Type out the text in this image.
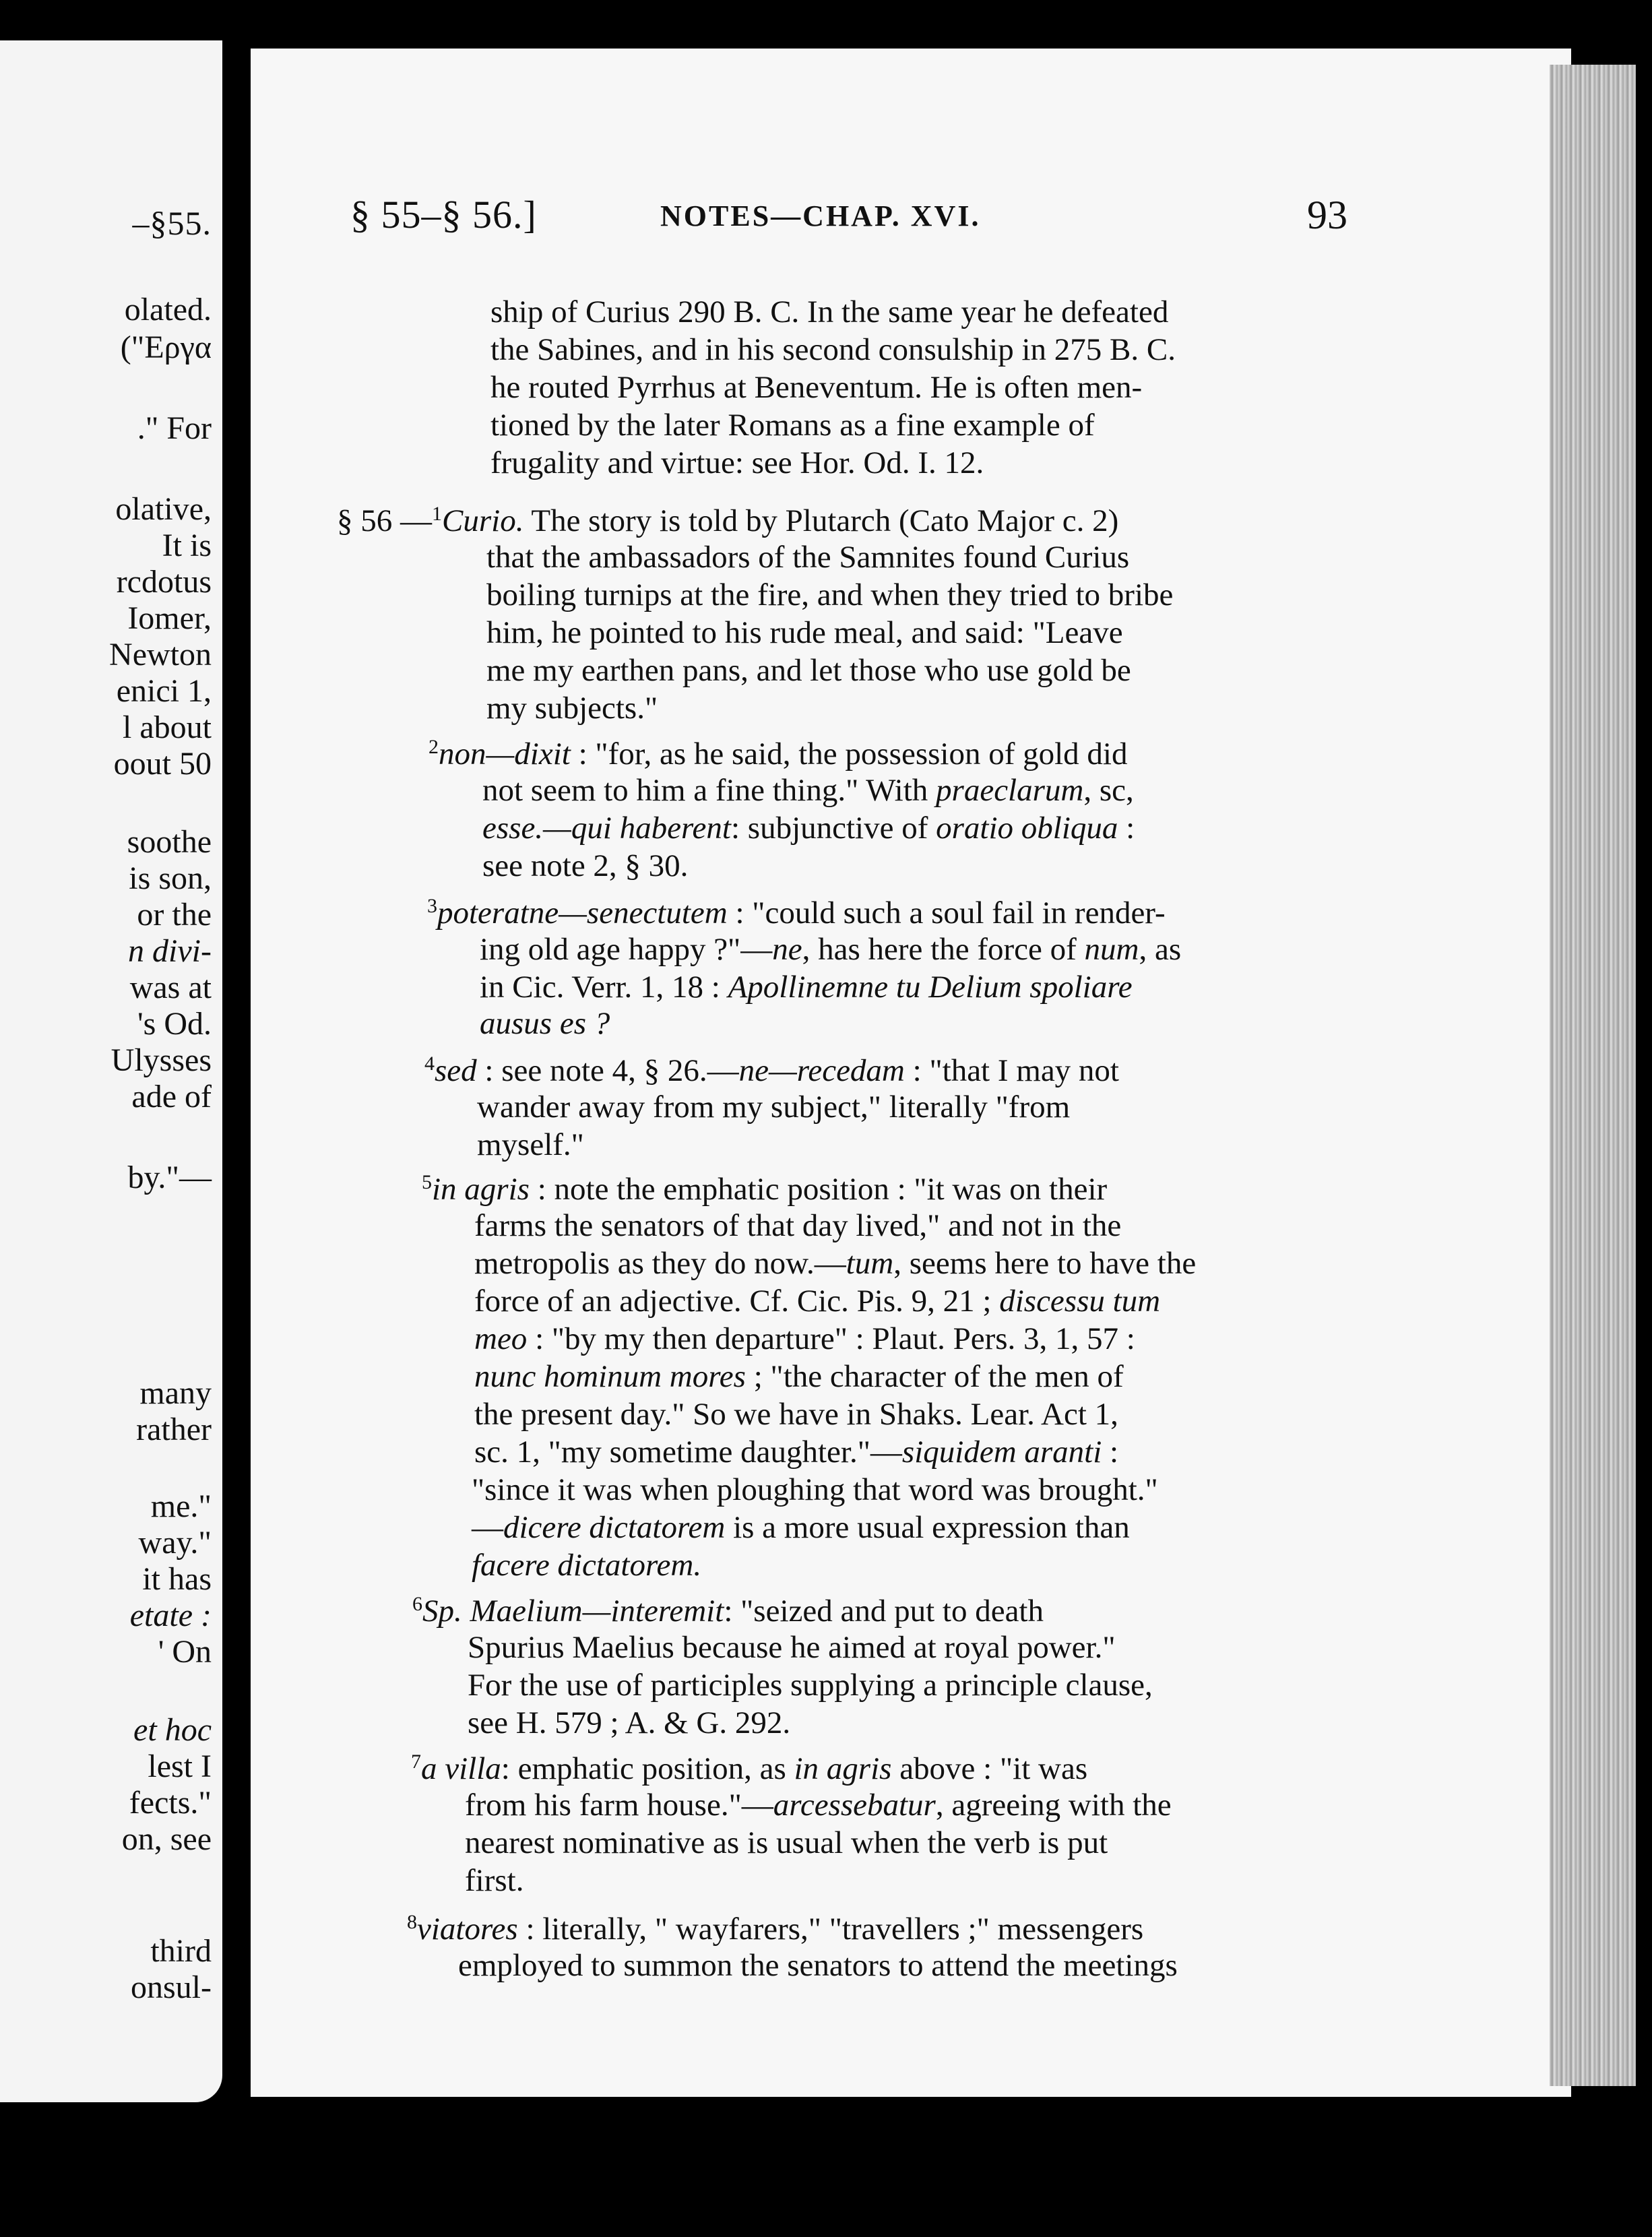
–§55.
olated.
("Εργα
." For
olative,
It is
rcdotus
Iomer,
Newton
enici 1,
l about
oout 50
soothe
is son,
or the
n divi-
was at
's Od.
Ulysses
ade of
by."—
many
rather
me."
way."
it has
etate :
' On
et hoc
lest I
fects."
on, see
third
onsul-
§ 55–§ 56.]	NOTES—CHAP. XVI.	93
ship of Curius 290 B. C. In the same year he defeated
the Sabines, and in his second consulship in 275 B. C.
he routed Pyrrhus at Beneventum. He is often men-
tioned by the later Romans as a fine example of
frugality and virtue: see Hor. Od. I. 12.
§ 56 —$^1$Curio. The story is told by Plutarch (Cato Major c. 2)
that the ambassadors of the Samnites found Curius
boiling turnips at the fire, and when they tried to bribe
him, he pointed to his rude meal, and said: "Leave
me my earthen pans, and let those who use gold be
my subjects."
$^2$non—dixit : "for, as he said, the possession of gold did
not seem to him a fine thing." With praeclarum, sc,
esse.—qui haberent: subjunctive of oratio obliqua :
see note 2, § 30.
$^3$poteratne—senectutem : "could such a soul fail in render-
ing old age happy ?"—ne, has here the force of num, as
in Cic. Verr. 1, 18 : Apollinemne tu Delium spoliare
ausus es ?
$^4$sed : see note 4, § 26.—ne—recedam : "that I may not
wander away from my subject," literally "from
myself."
$^5$in agris : note the emphatic position : "it was on their
farms the senators of that day lived," and not in the
metropolis as they do now.—tum, seems here to have the
force of an adjective. Cf. Cic. Pis. 9, 21 ; discessu tum
meo : "by my then departure" : Plaut. Pers. 3, 1, 57 :
nunc hominum mores ; "the character of the men of
the present day." So we have in Shaks. Lear. Act 1,
sc. 1, "my sometime daughter."—siquidem aranti :
"since it was when ploughing that word was brought."
—dicere dictatorem is a more usual expression than
facere dictatorem.
$^6$Sp. Maelium—interemit: "seized and put to death
Spurius Maelius because he aimed at royal power."
For the use of participles supplying a principle clause,
see H. 579 ; A. & G. 292.
$^7$a villa: emphatic position, as in agris above : "it was
from his farm house."—arcessebatur, agreeing with the
nearest nominative as is usual when the verb is put
first.
$^8$viatores : literally, " wayfarers," "travellers ;" messengers
employed to summon the senators to attend the meetings
